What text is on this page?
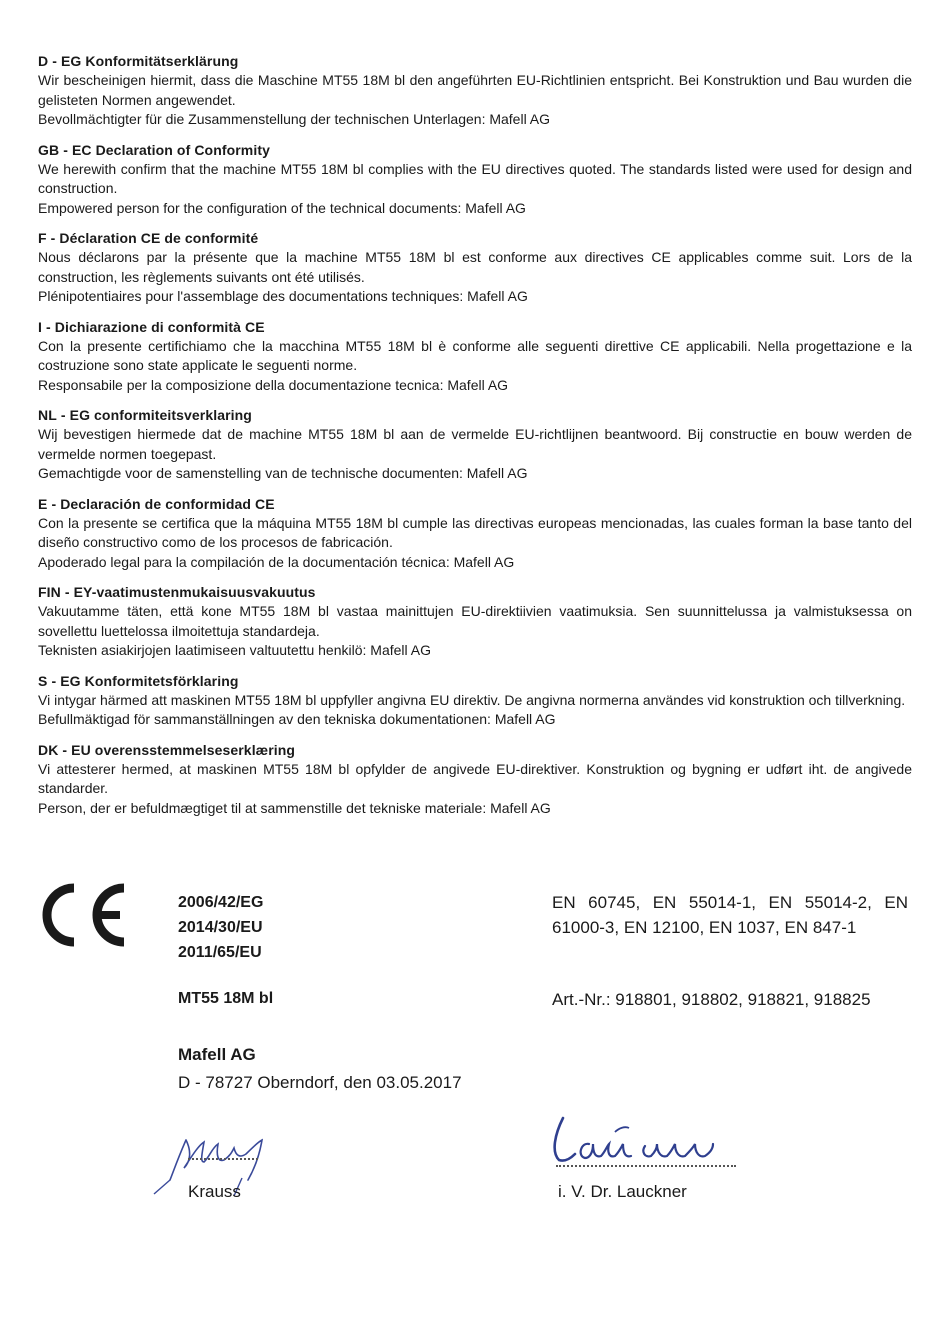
D - EG Konformitätserklärung
Wir bescheinigen hiermit, dass die Maschine MT55 18M bl den angeführten EU-Richtlinien entspricht. Bei Konstruktion und Bau wurden die gelisteten Normen angewendet.
Bevollmächtigter für die Zusammenstellung der technischen Unterlagen: Mafell AG
GB - EC Declaration of Conformity
We herewith confirm that the machine MT55 18M bl complies with the EU directives quoted. The standards listed were used for design and construction.
Empowered person for the configuration of the technical documents: Mafell AG
F - Déclaration CE de conformité
Nous déclarons par la présente que la machine MT55 18M bl est conforme aux directives CE applicables comme suit. Lors de la construction, les règlements suivants ont été utilisés.
Plénipotentiaires pour l'assemblage des documentations techniques: Mafell AG
I - Dichiarazione di conformità CE
Con la presente certifichiamo che la macchina MT55 18M bl è conforme alle seguenti direttive CE applicabili. Nella progettazione e la costruzione sono state applicate le seguenti norme.
Responsabile per la composizione della documentazione tecnica: Mafell AG
NL - EG conformiteitsverklaring
Wij bevestigen hiermede dat de machine MT55 18M bl aan de vermelde EU-richtlijnen beantwoord. Bij constructie en bouw werden de vermelde normen toegepast.
Gemachtigde voor de samenstelling van de technische documenten: Mafell AG
E - Declaración de conformidad CE
Con la presente se certifica que la máquina MT55 18M bl cumple las directivas europeas mencionadas, las cuales forman la base tanto del diseño constructivo como de los procesos de fabricación.
Apoderado legal para la compilación de la documentación técnica: Mafell AG
FIN - EY-vaatimustenmukaisuusvakuutus
Vakuutamme täten, että kone MT55 18M bl vastaa mainittujen EU-direktiivien vaatimuksia. Sen suunnittelussa ja valmistuksessa on sovellettu luettelossa ilmoitettuja standardeja.
Teknisten asiakirjojen laatimiseen valtuutettu henkilö: Mafell AG
S - EG Konformitetsförklaring
Vi intygar härmed att maskinen MT55 18M bl uppfyller angivna EU direktiv. De angivna normerna användes vid konstruktion och tillverkning.
Befullmäktigad för sammanställningen av den tekniska dokumentationen: Mafell AG
DK - EU overensstemmelseserklæring
Vi attesterer hermed, at maskinen MT55 18M bl opfylder de angivede EU-direktiver. Konstruktion og bygning er udført iht. de angivede standarder.
Person, der er befuldmægtiget til at sammenstille det tekniske materiale: Mafell AG
2006/42/EG
2014/30/EU
2011/65/EU
EN 60745, EN 55014-1, EN 55014-2, EN 61000-3, EN 12100, EN 1037, EN 847-1
MT55 18M bl	Art.-Nr.: 918801, 918802, 918821, 918825
Mafell AG
D - 78727 Oberndorf, den 03.05.2017
Krauss	i. V. Dr. Lauckner
